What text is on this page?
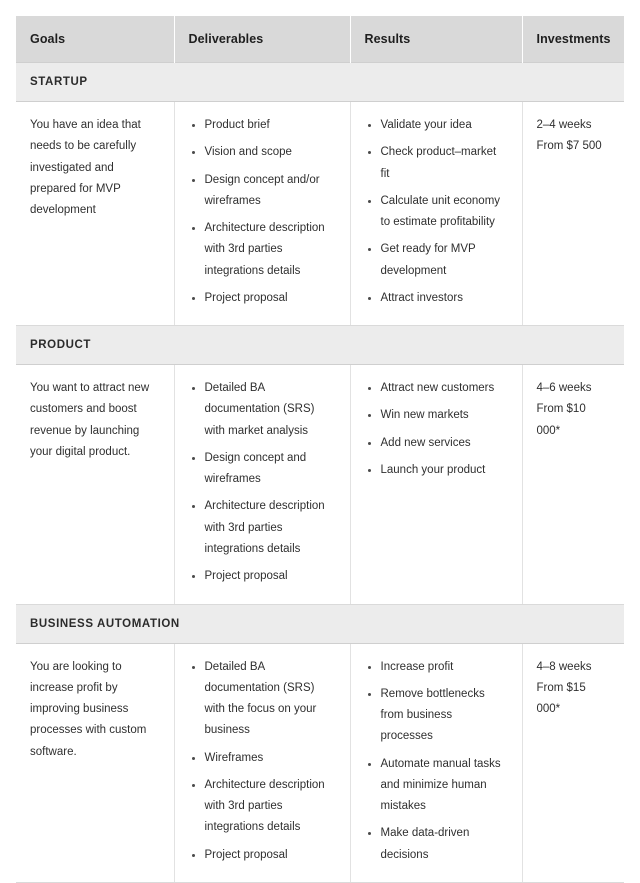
Goals	Deliverables	Results	Investments
STARTUP			

You have an idea that needs to be carefully investigated and prepared for MVP development

Product brief
Vision and scope
Design concept and/or wireframes
Architecture description with 3rd parties integrations details
Project proposal

Validate your idea
Check product–market fit
Calculate unit economy to estimate profitability
Get ready for MVP development
Attract investors

2–4 weeks
From $7 500

PRODUCT			

You want to attract new customers and boost revenue by launching your digital product.

Detailed BA documentation (SRS) with market analysis
Design concept and wireframes
Architecture description with 3rd parties integrations details
Project proposal

Attract new customers
Win new markets
Add new services
Launch your product

4–6 weeks
From $10 000*

BUSINESS AUTOMATION			

You are looking to increase profit by improving business processes with custom software.

Detailed BA documentation (SRS) with the focus on your business
Wireframes
Architecture description with 3rd parties integrations details
Project proposal

Increase profit
Remove bottlenecks from business processes
Automate manual tasks and minimize human mistakes
Make data-driven decisions

4–8 weeks
From $15 000*
